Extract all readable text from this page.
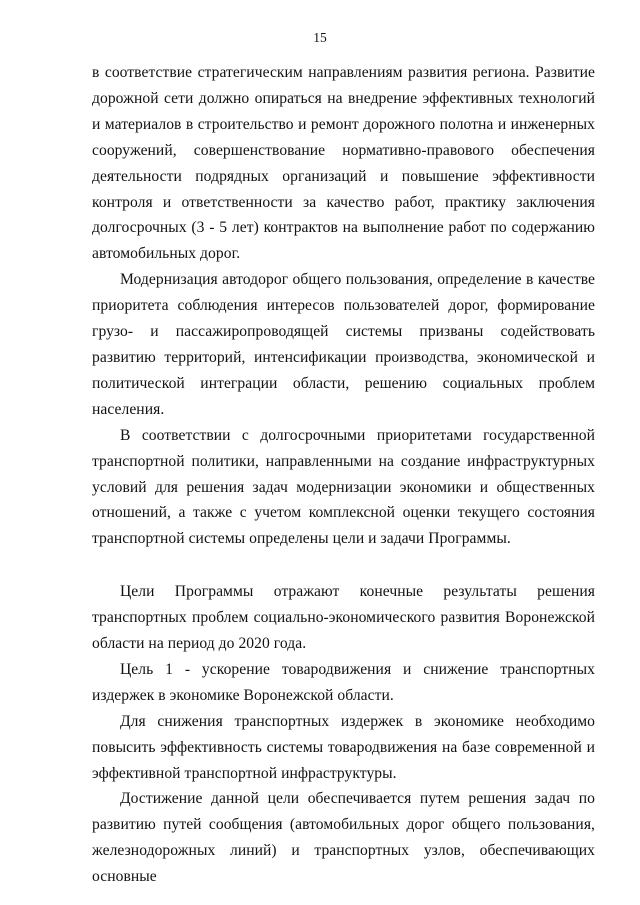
15

в соответствие стратегическим направлениям развития региона. Развитие дорожной сети должно опираться на внедрение эффективных технологий и материалов в строительство и ремонт дорожного полотна и инженерных сооружений, совершенствование нормативно-правового обеспечения деятельности подрядных организаций и повышение эффективности контроля и ответственности за качество работ, практику заключения долгосрочных (3 - 5 лет) контрактов на выполнение работ по содержанию автомобильных дорог.

Модернизация автодорог общего пользования, определение в качестве приоритета соблюдения интересов пользователей дорог, формирование грузо- и пассажиропроводящей системы призваны содействовать развитию территорий, интенсификации производства, экономической и политической интеграции области, решению социальных проблем населения.

В соответствии с долгосрочными приоритетами государственной транспортной политики, направленными на создание инфраструктурных условий для решения задач модернизации экономики и общественных отношений, а также с учетом комплексной оценки текущего состояния транспортной системы определены цели и задачи Программы.

Цели Программы отражают конечные результаты решения транспортных проблем социально-экономического развития Воронежской области на период до 2020 года.

Цель 1 - ускорение товародвижения и снижение транспортных издержек в экономике Воронежской области.

Для снижения транспортных издержек в экономике необходимо повысить эффективность системы товародвижения на базе современной и эффективной транспортной инфраструктуры.

Достижение данной цели обеспечивается путем решения задач по развитию путей сообщения (автомобильных дорог общего пользования, железнодорожных линий) и транспортных узлов, обеспечивающих основные
